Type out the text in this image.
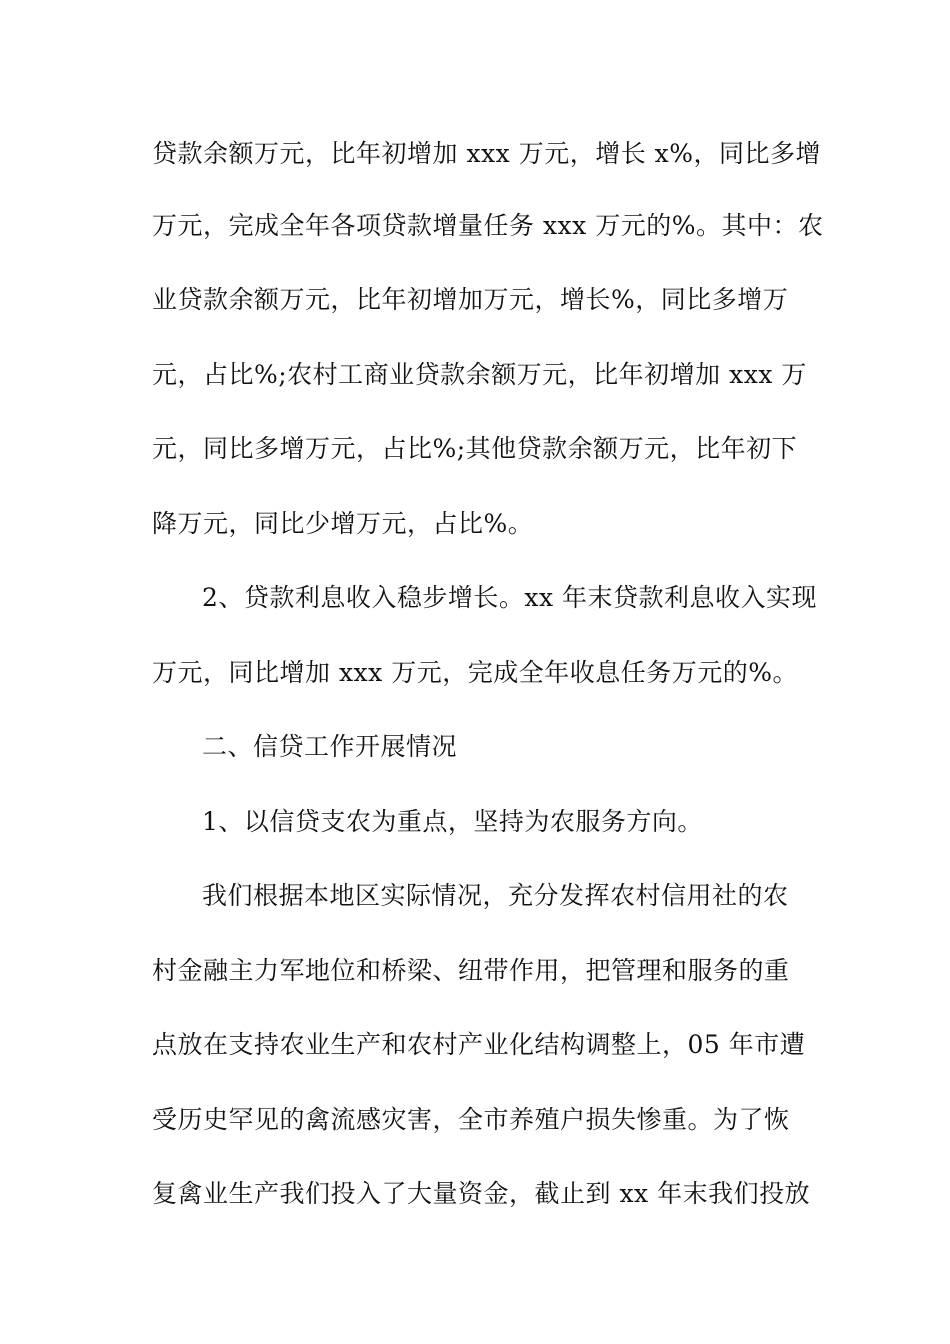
贷款余额万元，比年初增加 xxx 万元，增长 x%，同比多增
万元，完成全年各项贷款增量任务 xxx 万元的%。其中：农
业贷款余额万元，比年初增加万元，增长%，同比多增万
元，占比%;农村工商业贷款余额万元，比年初增加 xxx 万
元，同比多增万元，占比%;其他贷款余额万元，比年初下
降万元，同比少增万元，占比%。
2、贷款利息收入稳步增长。xx 年末贷款利息收入实现
万元，同比增加 xxx 万元，完成全年收息任务万元的%。
二、信贷工作开展情况
1、以信贷支农为重点，坚持为农服务方向。
我们根据本地区实际情况，充分发挥农村信用社的农
村金融主力军地位和桥梁、纽带作用，把管理和服务的重
点放在支持农业生产和农村产业化结构调整上，05 年市遭
受历史罕见的禽流感灾害，全市养殖户损失惨重。为了恢
复禽业生产我们投入了大量资金，截止到 xx 年末我们投放
